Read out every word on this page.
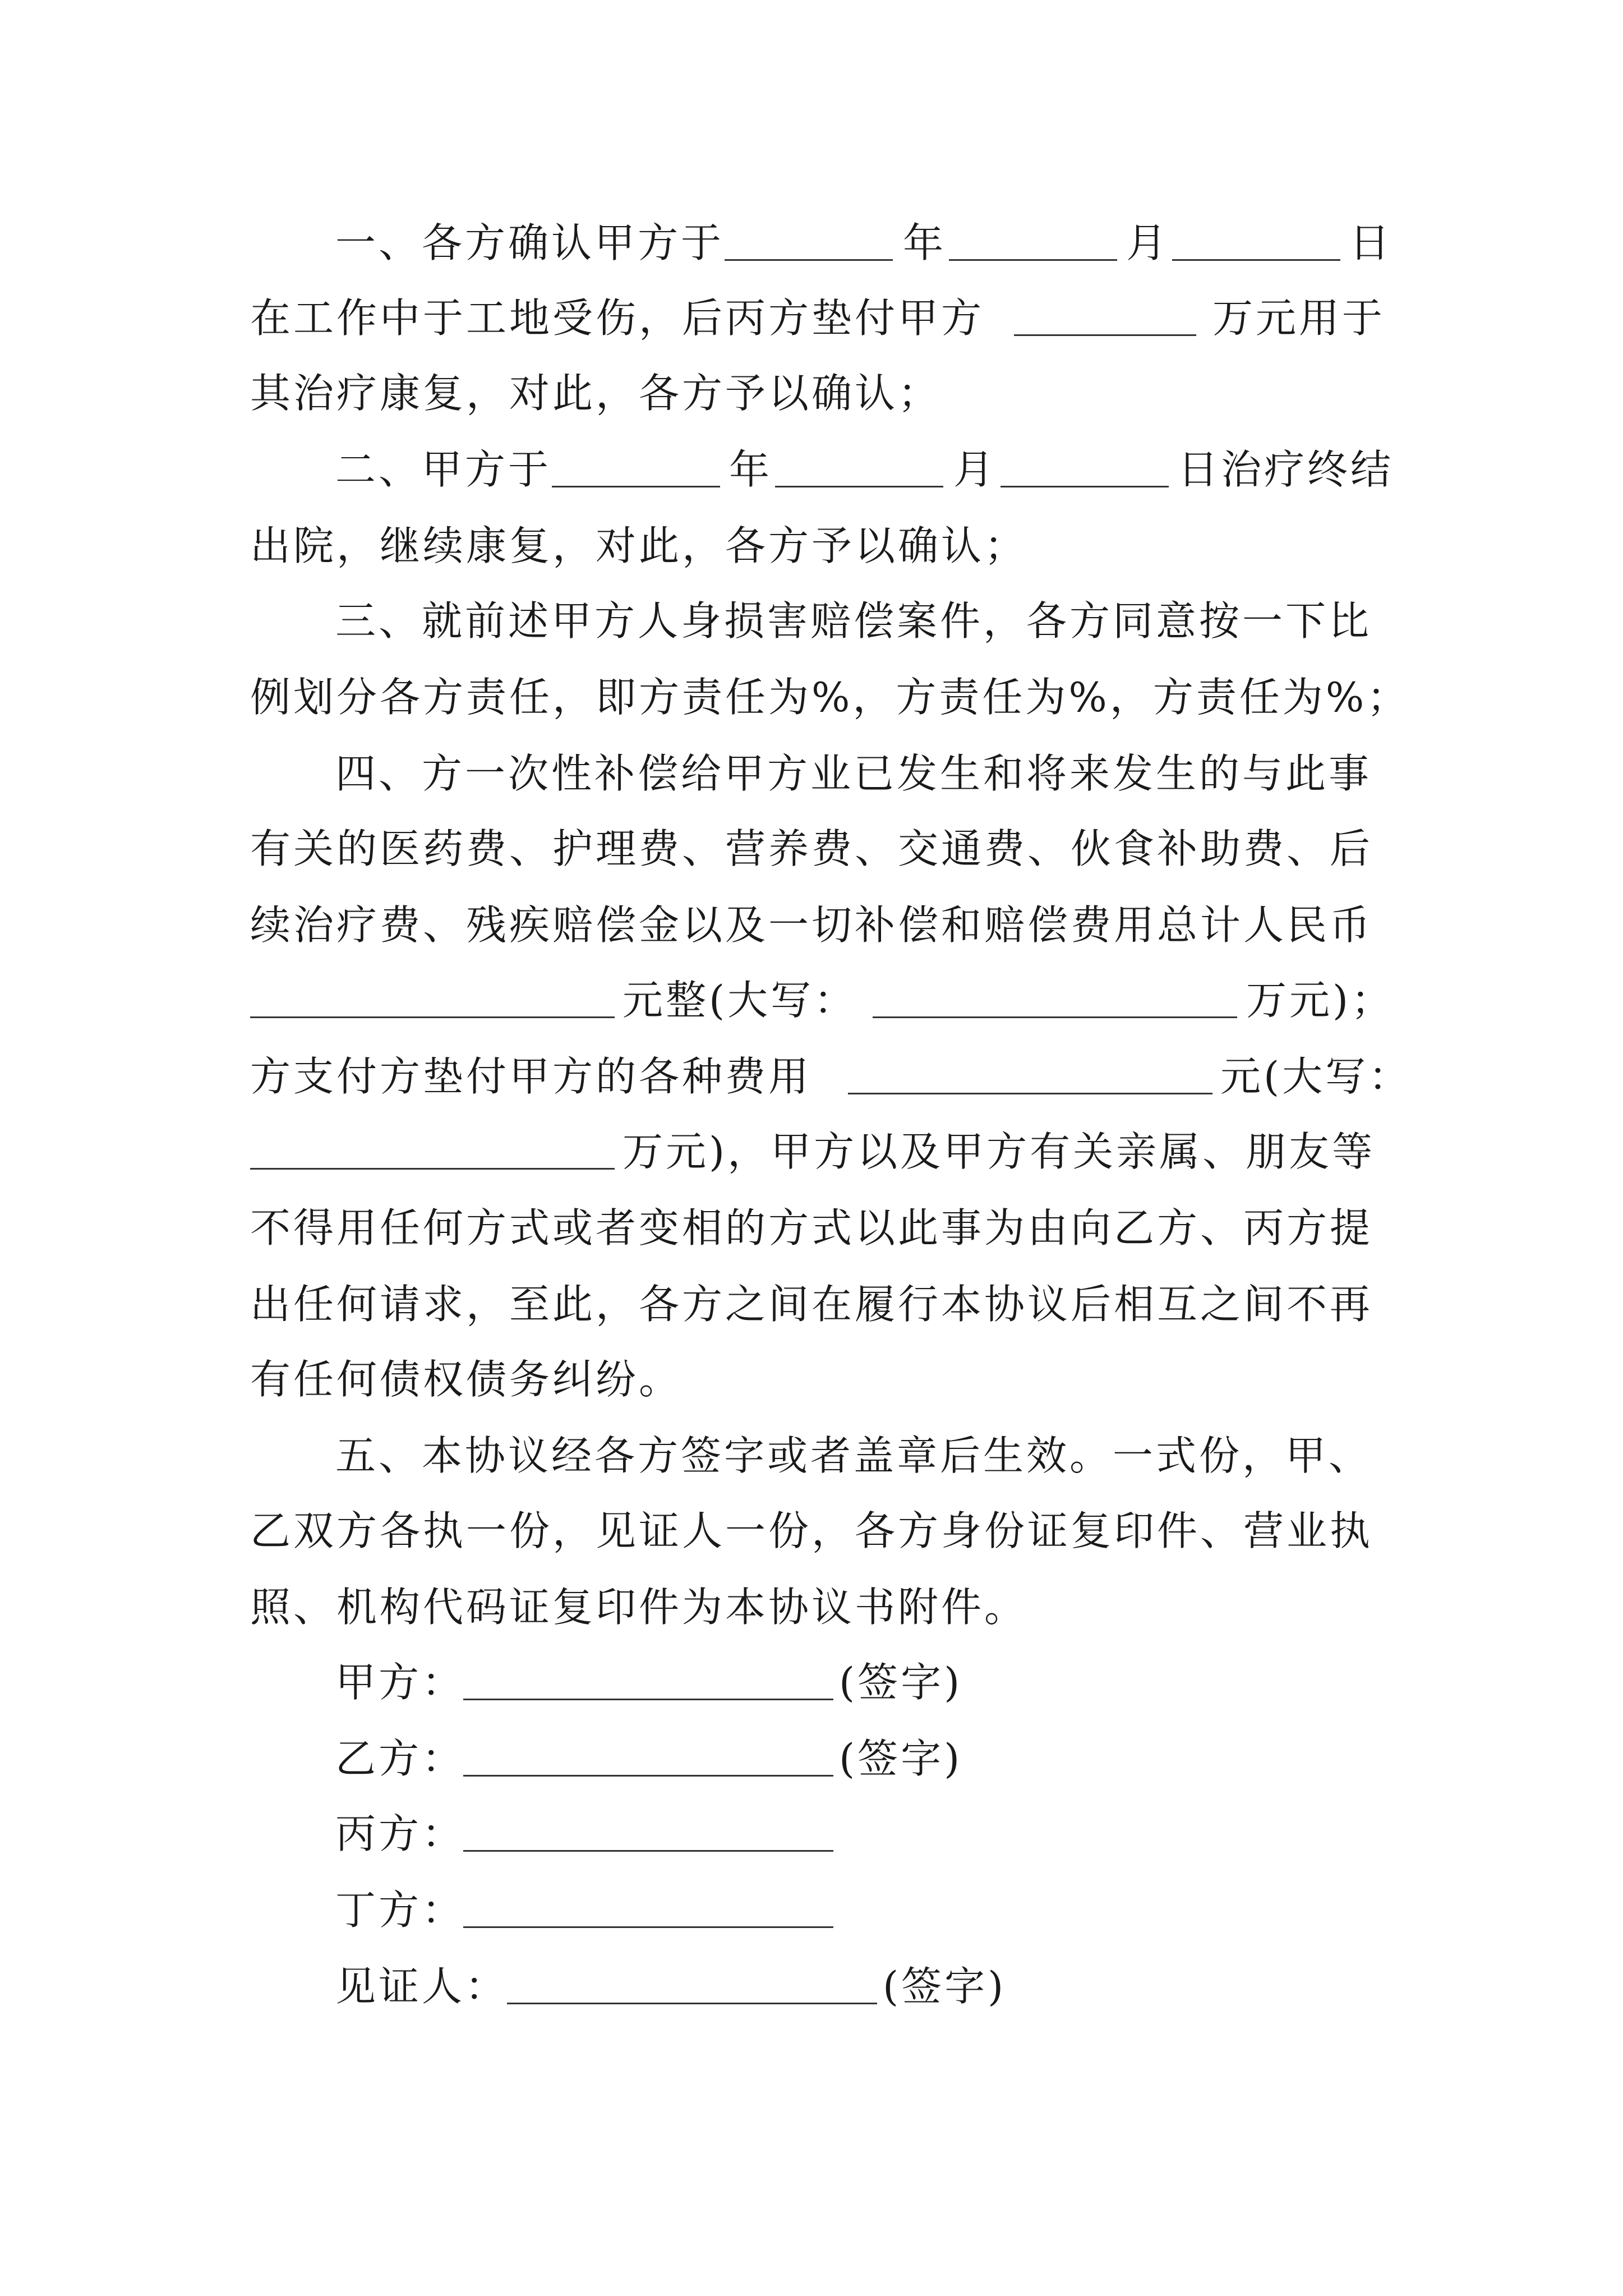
一、各方确认甲方于	年	月	日
在工作中于工地受伤，后丙方垫付甲方	万元用于
其治疗康复，对此，各方予以确认；
二、甲方于	年	月	日治疗终结
出院，继续康复，对此，各方予以确认；
三、就前述甲方人身损害赔偿案件，各方同意按一下比
例划分各方责任，即方责任为%，方责任为%，方责任为%；
四、方一次性补偿给甲方业已发生和将来发生的与此事
有关的医药费、护理费、营养费、交通费、伙食补助费、后
续治疗费、残疾赔偿金以及一切补偿和赔偿费用总计人民币
元整(大写：	万元)；
方支付方垫付甲方的各种费用	元(大写：
万元)，甲方以及甲方有关亲属、朋友等
不得用任何方式或者变相的方式以此事为由向乙方、丙方提
出任何请求，至此，各方之间在履行本协议后相互之间不再
有任何债权债务纠纷。
五、本协议经各方签字或者盖章后生效。一式份，甲、
乙双方各执一份，见证人一份，各方身份证复印件、营业执
照、机构代码证复印件为本协议书附件。
甲方：	(签字)
乙方：	(签字)
丙方：
丁方：
见证人：	(签字)
